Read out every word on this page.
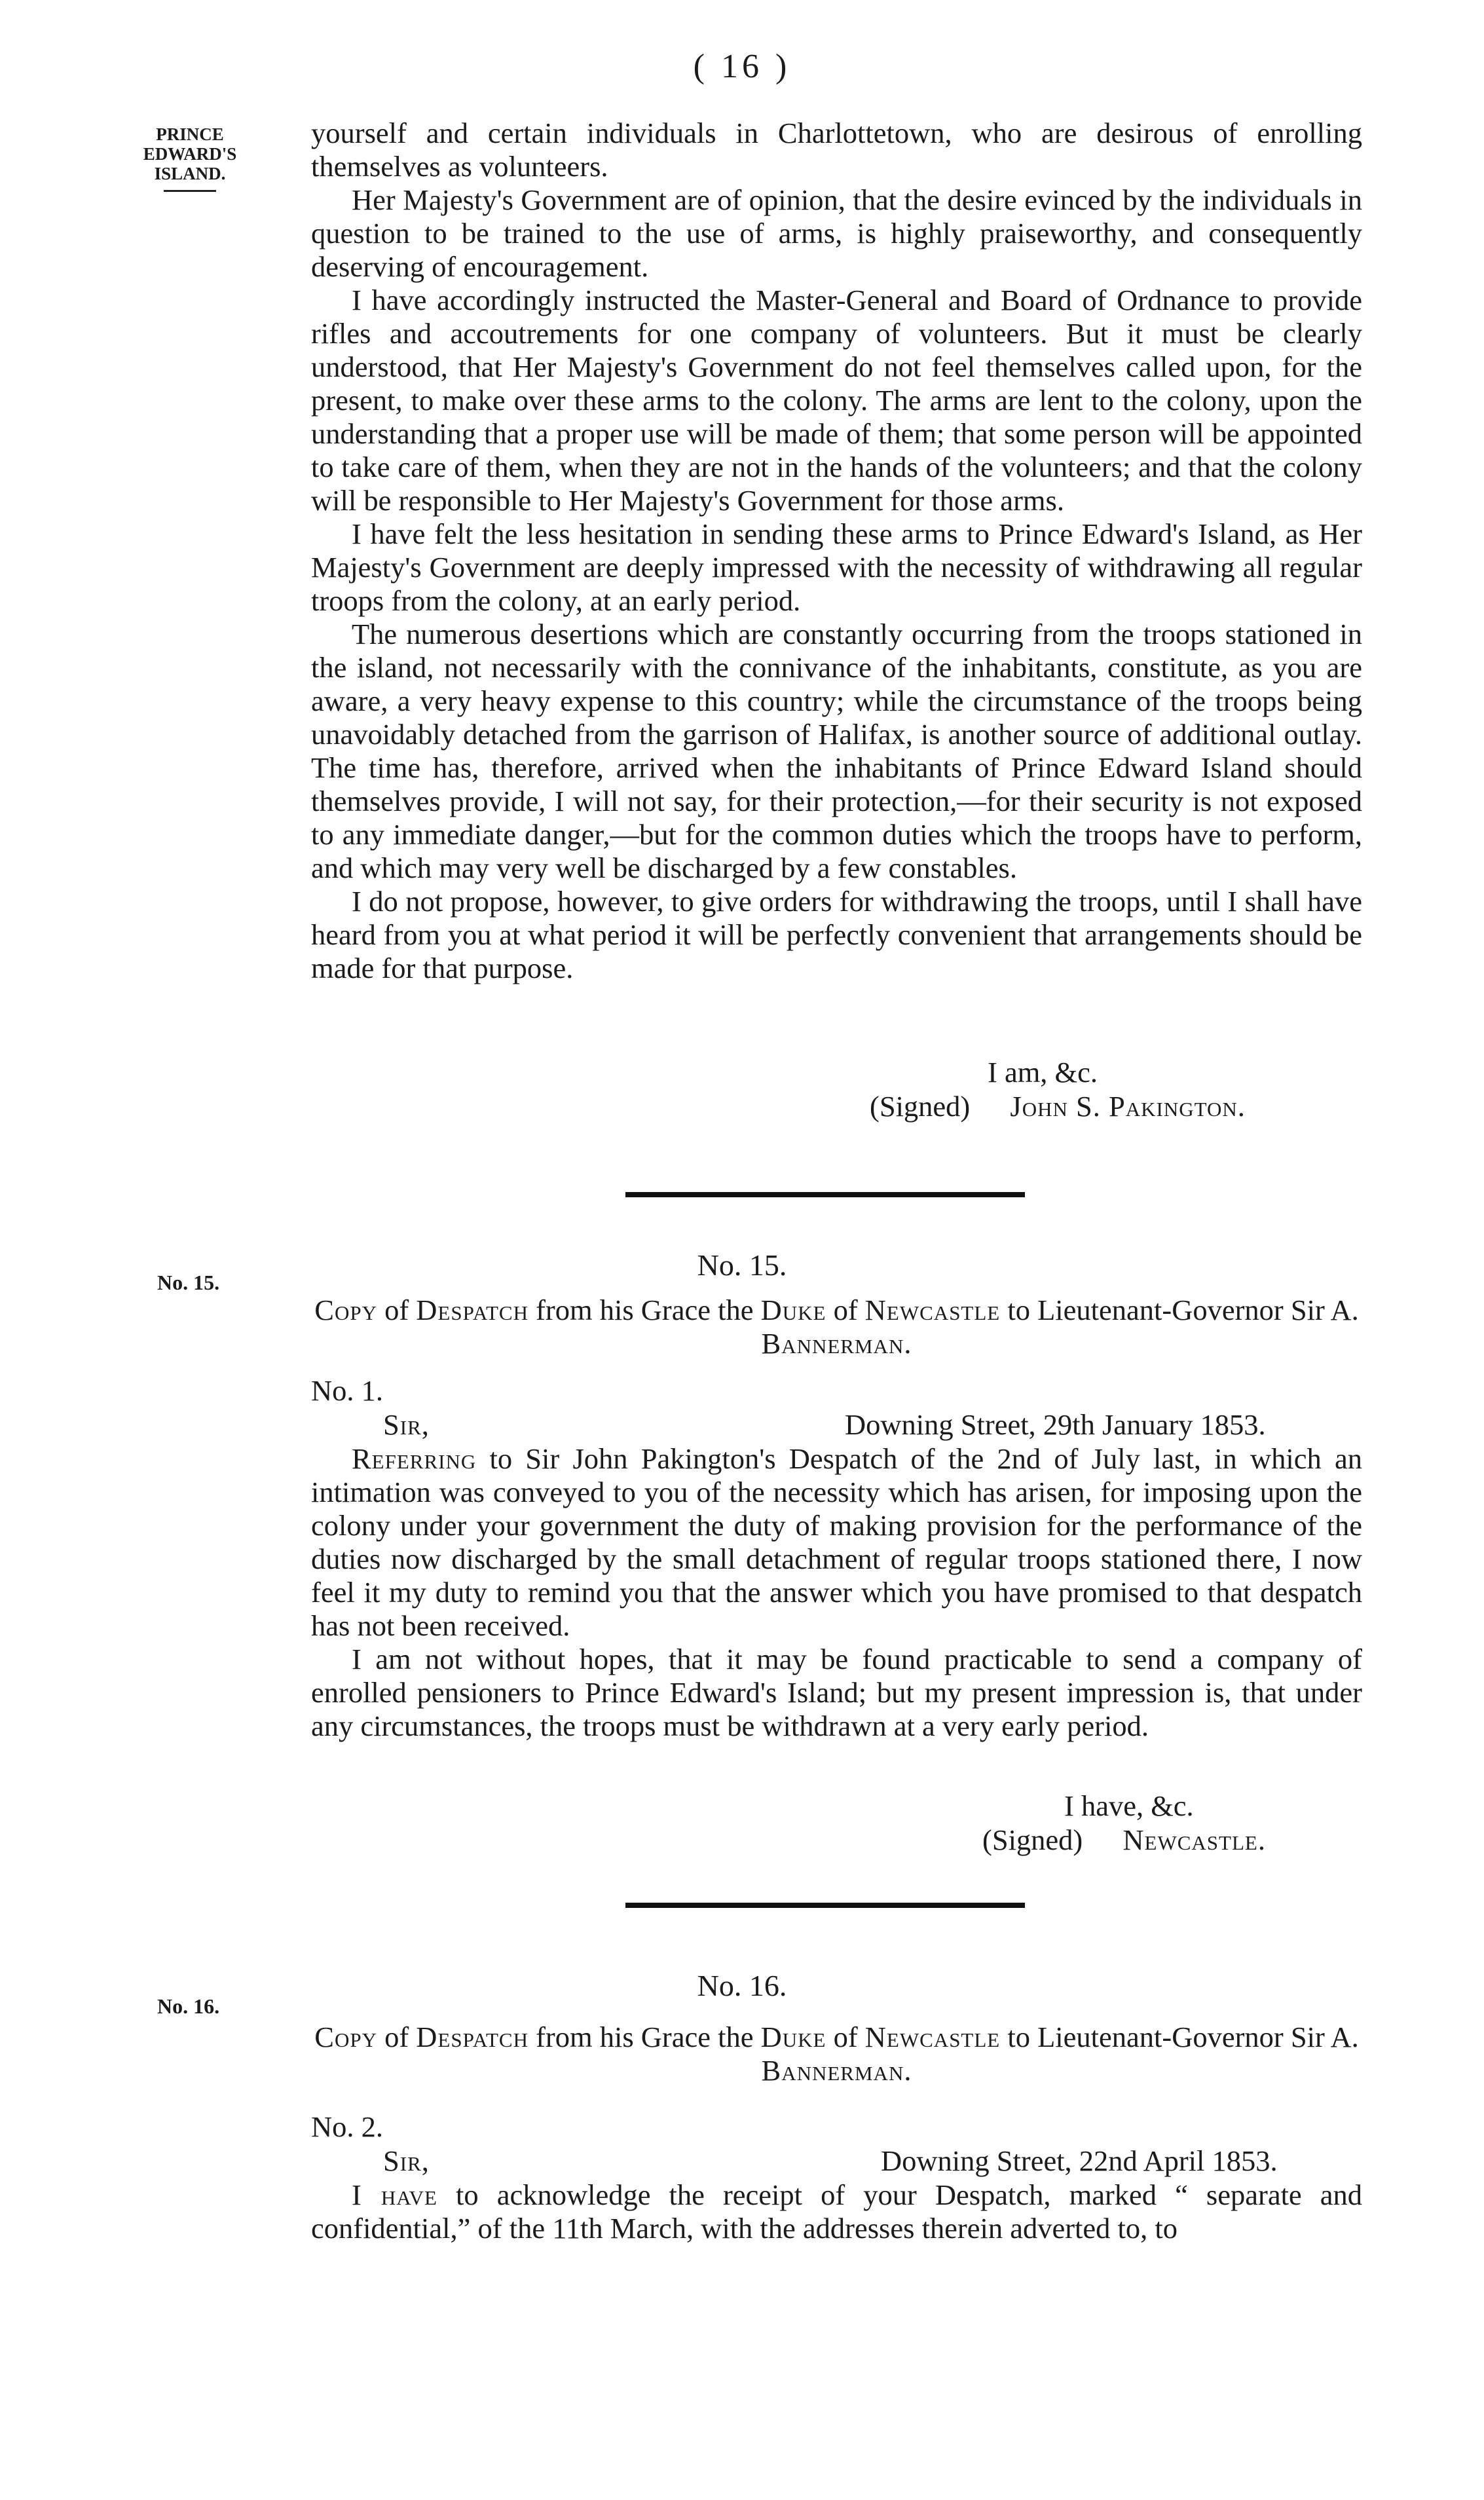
( 16 )
PRINCE
EDWARD'S
ISLAND.

yourself and certain individuals in Charlottetown, who are desirous of enrolling themselves as volunteers.

Her Majesty's Government are of opinion, that the desire evinced by the individuals in question to be trained to the use of arms, is highly praiseworthy, and consequently deserving of encouragement.

I have accordingly instructed the Master-General and Board of Ordnance to provide rifles and accoutrements for one company of volunteers. But it must be clearly understood, that Her Majesty's Government do not feel themselves called upon, for the present, to make over these arms to the colony. The arms are lent to the colony, upon the understanding that a proper use will be made of them; that some person will be appointed to take care of them, when they are not in the hands of the volunteers; and that the colony will be responsible to Her Majesty's Government for those arms.

I have felt the less hesitation in sending these arms to Prince Edward's Island, as Her Majesty's Government are deeply impressed with the necessity of withdrawing all regular troops from the colony, at an early period.

The numerous desertions which are constantly occurring from the troops stationed in the island, not necessarily with the connivance of the inhabitants, constitute, as you are aware, a very heavy expense to this country; while the circumstance of the troops being unavoidably detached from the garrison of Halifax, is another source of additional outlay. The time has, therefore, arrived when the inhabitants of Prince Edward Island should themselves provide, I will not say, for their protection,—for their security is not exposed to any immediate danger,—but for the common duties which the troops have to perform, and which may very well be discharged by a few constables.

I do not propose, however, to give orders for withdrawing the troops, until I shall have heard from you at what period it will be perfectly convenient that arrangements should be made for that purpose.

I am, &c.
(Signed) John S. Pakington.
No. 15.
No. 15.
Copy of Despatch from his Grace the Duke of Newcastle to Lieutenant-Governor Sir A. Bannerman.
No. 1.
Sir,	Downing Street, 29th January 1853.

Referring to Sir John Pakington's Despatch of the 2nd of July last, in which an intimation was conveyed to you of the necessity which has arisen, for imposing upon the colony under your government the duty of making provision for the performance of the duties now discharged by the small detachment of regular troops stationed there, I now feel it my duty to remind you that the answer which you have promised to that despatch has not been received.

I am not without hopes, that it may be found practicable to send a company of enrolled pensioners to Prince Edward's Island; but my present impression is, that under any circumstances, the troops must be withdrawn at a very early period.

I have, &c.
(Signed) Newcastle.
No. 16.
No. 16.
Copy of Despatch from his Grace the Duke of Newcastle to Lieutenant-Governor Sir A. Bannerman.
No. 2.
Sir,	Downing Street, 22nd April 1853.

I have to acknowledge the receipt of your Despatch, marked “ separate and confidential,” of the 11th March, with the addresses therein adverted to, to
